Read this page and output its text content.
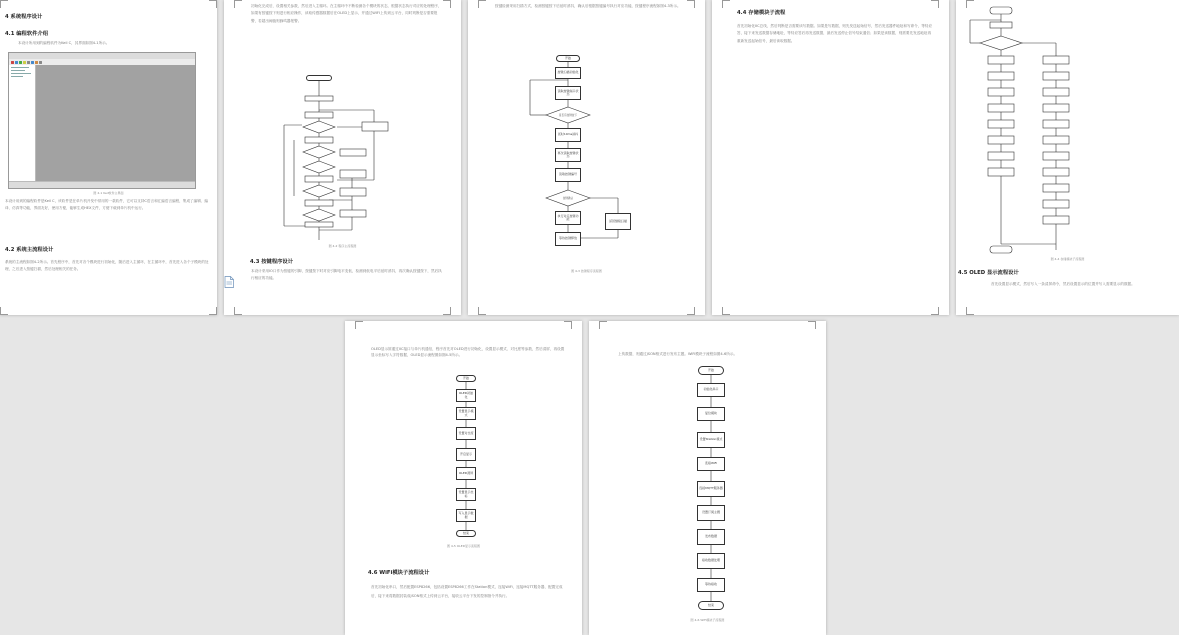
4 系统程序设计
4.1 编程软件介绍
本设计所用到的编程软件为Keil C，其界面如图4-1所示。
图 4-1 Keil软件主界面
本设计用到的编程软件是Keil C，该软件是在单片机开发中常用的一款软件，它可以支持C语言和汇编语言编程，集成了编辑、编译、仿真等功能，界面友好，使用方便，能够生成HEX文件，方便下载到单片机中运行。
4.2 系统主流程设计
系统的主流程如图4-2所示。首先程序中，首先对各个模块进行初始化，随后进入主循环，在主循环中，首先进入各个子模块的处理，之后进入按键扫描，然后处理相关的任务。
初始化完成后，设置相关参数，然后进入主循环。在主循环中不断检测各个模块的状态，根据状态执行对应的处理程序，如果有按键按下则进行相应操作，读取传感器数据后在OLED上显示，并通过WIFI上传到云平台，同时判断是否需要报警，若超出阈值则蜂鸣器报警。
图 4-2 程序主流程图
4.3 按键程序设计
本设计采用IO口作为按键的引脚，按键按下时对应引脚电平变低，检测到低电平后延时消抖，再次确认按键按下，然后执行相应的功能。
按键检测采用扫描方式，检测按键按下后延时消抖，确认后根据按键编号执行对应功能，按键程序流程如图4-3所示。
开始
按键扫描初始化
读取按键端口状态
是否有按键按下
延时10ms消抖
再次读取按键状态
读取按键编号
按键确认
执行对应按键功能	返回继续扫描
等待按键释放
图 4-3 按键程序流程图
4.4 存储模块子流程
首先初始化IIC总线，然后判断是否需要读写数据。如果是写数据，则先发送起始信号，然后发送器件地址和写命令，等待应答，接下来发送数据存储地址，等待应答后再发送数据，最后发送停止信号结束通信；如果是读数据，则需要先发送地址再重新发送起始信号，最后读取数据。
图 4-4 存储模块子流程图
4.5 OLED 显示流程设计
首先设置显示模式，然后写入一条清屏命令，然后设置显示的位置并写入需要显示的数据。
OLED显示屏通过IIC接口与单片机通信，程序首先对OLED进行初始化，设置显示模式、对比度等参数，然后清屏，再设置显示坐标写入字符数据，OLED显示流程图如图4-5所示。
开始
OLED初始化
设置显示模式
设置对比度
开启显示
OLED清屏
设置显示坐标
写入显示数据
结束
图 4-5 OLED显示流程图
4.6 WiFi模块子流程设计
首先初始化串口，然后配置ESP8266，包括设置ESP8266工作在Station模式，连接WiFi，连接MQTT服务器，配置完成后，接下来将数据封装成JSON格式上传到云平台，接收云平台下发的控制指令并执行。
上传数据，则通过JSON格式进行发布主题。WiFi模块子流程如图4-6所示。
开始
初始化串口
复位模块
设置Station模式
连接WiFi
连接MQTT服务器
设置订阅主题
发布数据
接收数据处理
等待接收
结束
图 4-6 WiFi模块子流程图
